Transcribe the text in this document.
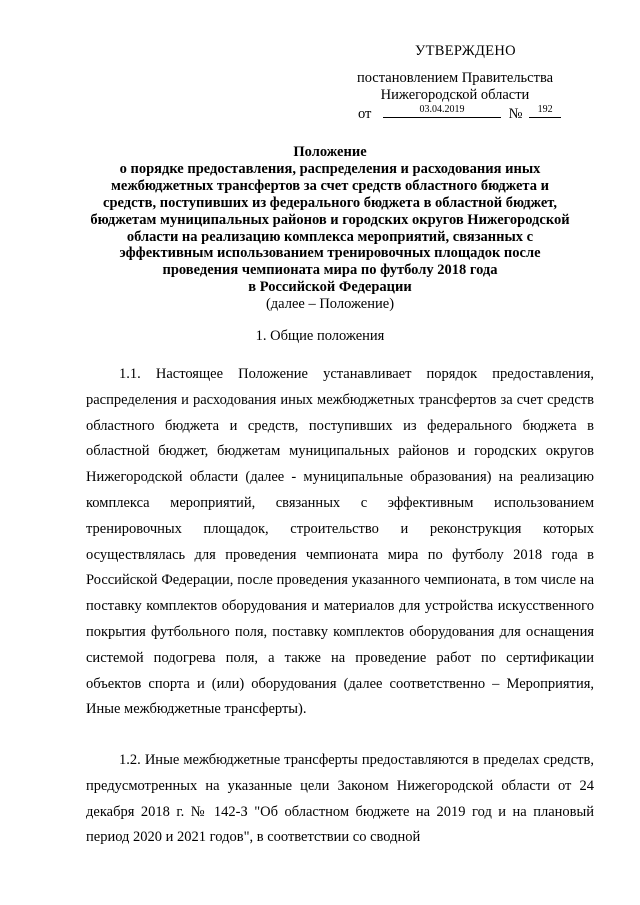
УТВЕРЖДЕНО
постановлением Правительства
Нижегородской области
от	03.04.2019	№	192
Положение
о порядке предоставления, распределения и расходования иных
межбюджетных трансфертов за счет средств областного бюджета и
средств, поступивших из федерального бюджета в областной бюджет,
бюджетам муниципальных районов и городских округов Нижегородской
области на реализацию комплекса мероприятий, связанных с
эффективным использованием тренировочных площадок после
проведения чемпионата мира по футболу 2018 года
в Российской Федерации
(далее – Положение)
1. Общие положения

1.1. Настоящее Положение устанавливает порядок предоставления, распределения и расходования иных межбюджетных трансфертов за счет средств областного бюджета и средств, поступивших из федерального бюджета в областной бюджет, бюджетам муниципальных районов и городских округов Нижегородской области (далее - муниципальные образования) на реализацию комплекса мероприятий, связанных с эффективным использованием тренировочных площадок, строительство и реконструкция которых осуществлялась для проведения чемпионата мира по футболу 2018 года в Российской Федерации, после проведения указанного чемпионата, в том числе на поставку комплектов оборудования и материалов для устройства искусственного покрытия футбольного поля, поставку комплектов оборудования для оснащения системой подогрева поля, а также на проведение работ по сертификации объектов спорта и (или) оборудования (далее соответственно – Мероприятия, Иные межбюджетные трансферты).

1.2. Иные межбюджетные трансферты предоставляются в пределах средств, предусмотренных на указанные цели Законом Нижегородской области от 24 декабря 2018 г. № 142-З "Об областном бюджете на 2019 год и на плановый период 2020 и 2021 годов", в соответствии со сводной
